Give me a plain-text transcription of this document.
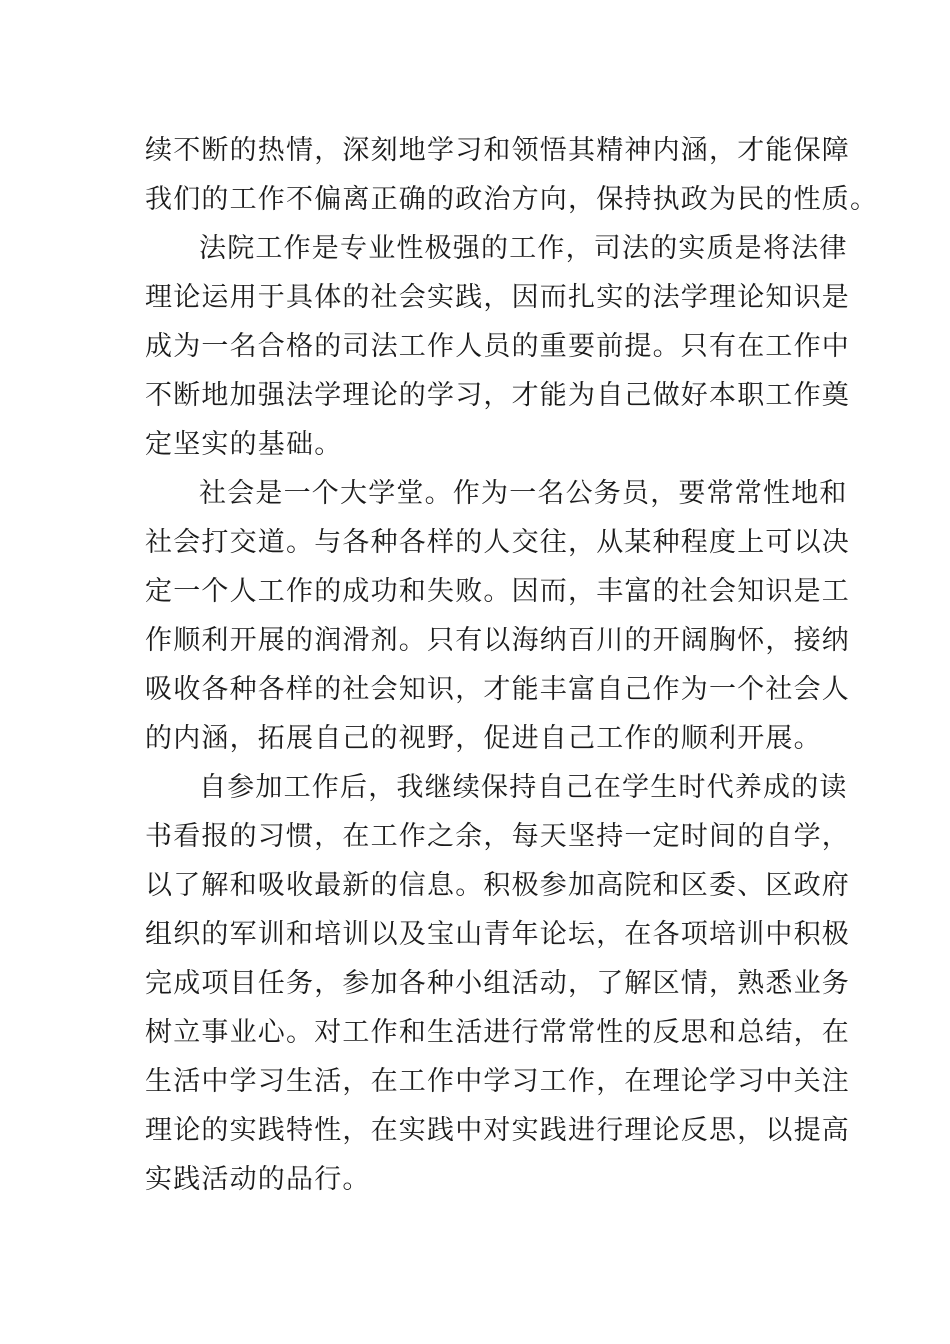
续不断的热情，深刻地学习和领悟其精神内涵，才能保障
我们的工作不偏离正确的政治方向，保持执政为民的性质。
法院工作是专业性极强的工作，司法的实质是将法律
理论运用于具体的社会实践，因而扎实的法学理论知识是
成为一名合格的司法工作人员的重要前提。只有在工作中
不断地加强法学理论的学习，才能为自己做好本职工作奠
定坚实的基础。
社会是一个大学堂。作为一名公务员，要常常性地和
社会打交道。与各种各样的人交往，从某种程度上可以决
定一个人工作的成功和失败。因而，丰富的社会知识是工
作顺利开展的润滑剂。只有以海纳百川的开阔胸怀，接纳
吸收各种各样的社会知识，才能丰富自己作为一个社会人
的内涵，拓展自己的视野，促进自己工作的顺利开展。
自参加工作后，我继续保持自己在学生时代养成的读
书看报的习惯，在工作之余，每天坚持一定时间的自学，
以了解和吸收最新的信息。积极参加高院和区委、区政府
组织的军训和培训以及宝山青年论坛，在各项培训中积极
完成项目任务，参加各种小组活动，了解区情，熟悉业务
树立事业心。对工作和生活进行常常性的反思和总结，在
生活中学习生活，在工作中学习工作，在理论学习中关注
理论的实践特性，在实践中对实践进行理论反思，以提高
实践活动的品行。
